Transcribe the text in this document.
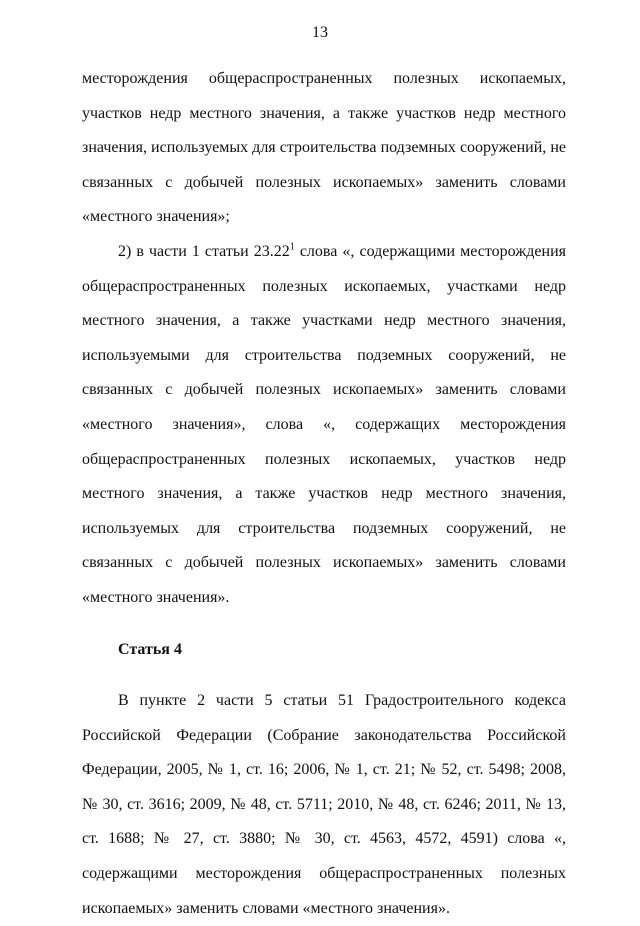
13

месторождения общераспространенных полезных ископаемых, участков недр местного значения, а также участков недр местного значения, используемых для строительства подземных сооружений, не связанных с добычей полезных ископаемых» заменить словами «местного значения»;

2) в части 1 статьи 23.22$^1$ слова «, содержащими месторождения общераспространенных полезных ископаемых, участками недр местного значения, а также участками недр местного значения, используемыми для строительства подземных сооружений, не связанных с добычей полезных ископаемых» заменить словами «местного значения», слова «, содержащих месторождения общераспространенных полезных ископаемых, участков недр местного значения, а также участков недр местного значения, используемых для строительства подземных сооружений, не связанных с добычей полезных ископаемых» заменить словами «местного значения».

Статья 4

В пункте 2 части 5 статьи 51 Градостроительного кодекса Российской Федерации (Собрание законодательства Российской Федерации, 2005, № 1, ст. 16; 2006, № 1, ст. 21; № 52, ст. 5498; 2008, № 30, ст. 3616; 2009, № 48, ст. 5711; 2010, № 48, ст. 6246; 2011, № 13, ст. 1688; № 27, ст. 3880; № 30, ст. 4563, 4572, 4591) слова «, содержащими месторождения общераспространенных полезных ископаемых» заменить словами «местного значения».
